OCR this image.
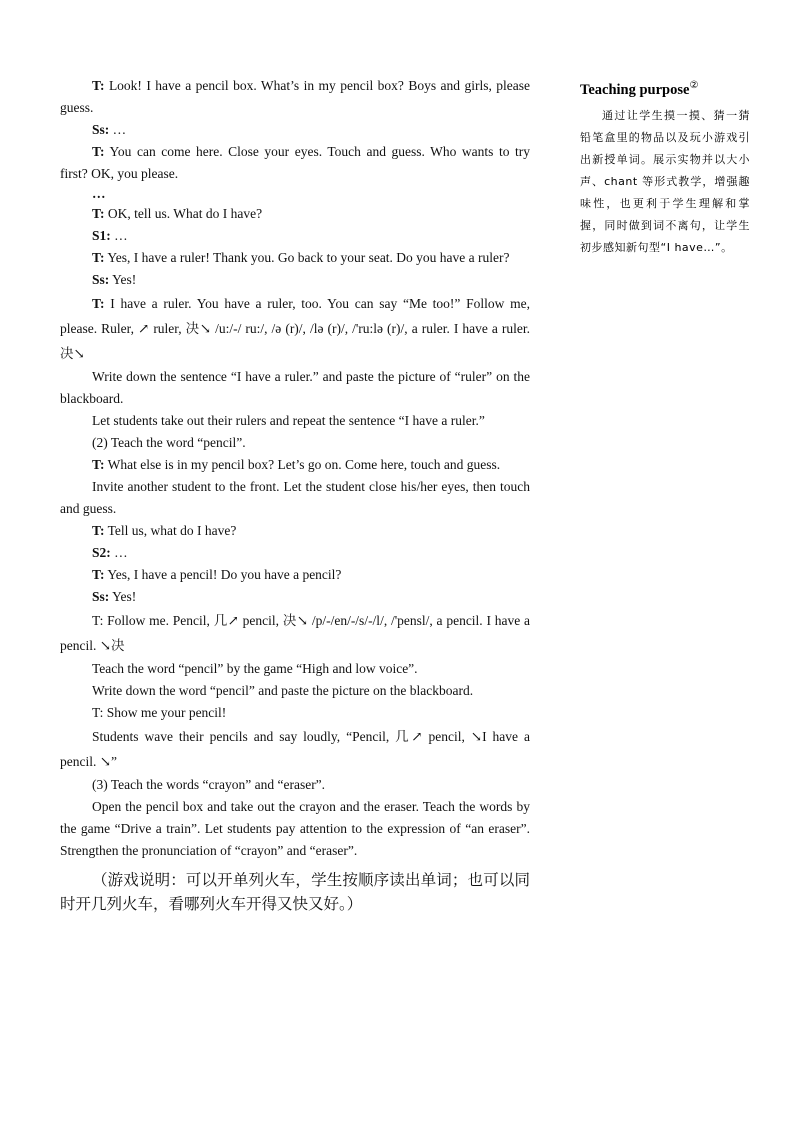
T: Look! I have a pencil box. What’s in my pencil box? Boys and girls, please guess.

Ss: …

T: You can come here. Close your eyes. Touch and guess. Who wants to try first? OK, you please.

…

T: OK, tell us. What do I have?

S1: …

T: Yes, I have a ruler! Thank you. Go back to your seat. Do you have a ruler?

Ss: Yes!

T: I have a ruler. You have a ruler, too. You can say “Me too!” Follow me, please. Ruler, ↗ ruler, 决↘ /u:/-/ ru:/, /ə (r)/, /lə (r)/, /'ru:lə (r)/, a ruler. I have a ruler. 决↘

Write down the sentence “I have a ruler.” and paste the picture of “ruler” on the blackboard.

Let students take out their rulers and repeat the sentence “I have a ruler.”

(2) Teach the word “pencil”.

T: What else is in my pencil box? Let’s go on. Come here, touch and guess.

Invite another student to the front. Let the student close his/her eyes, then touch and guess.

T: Tell us, what do I have?

S2: …

T: Yes, I have a pencil! Do you have a pencil?

Ss: Yes!

T: Follow me. Pencil, 几↗ pencil, 决↘ /p/-/en/-/s/-/l/, /'pensl/, a pencil. I have a pencil. ↘决

Teach the word “pencil” by the game “High and low voice”.

Write down the word “pencil” and paste the picture on the blackboard.

T: Show me your pencil!

Students wave their pencils and say loudly, “Pencil, 几↗ pencil, ↘I have a pencil. ↘”

(3) Teach the words “crayon” and “eraser”.

Open the pencil box and take out the crayon and the eraser. Teach the words by the game “Drive a train”. Let students pay attention to the expression of “an eraser”. Strengthen the pronunciation of “crayon” and “eraser”.

（游戏说明：可以开单列火车，学生按顺序读出单词；也可以同时开几列火车，看哪列火车开得又快又好。）
Teaching purpose②

通过让学生摸一摸、猜一猜铅笔盒里的物品以及玩小游戏引出新授单词。展示实物并以大小声、chant 等形式教学，增强趣味性，也更利于学生理解和掌握，同时做到词不离句，让学生初步感知新句型“I have…”。
